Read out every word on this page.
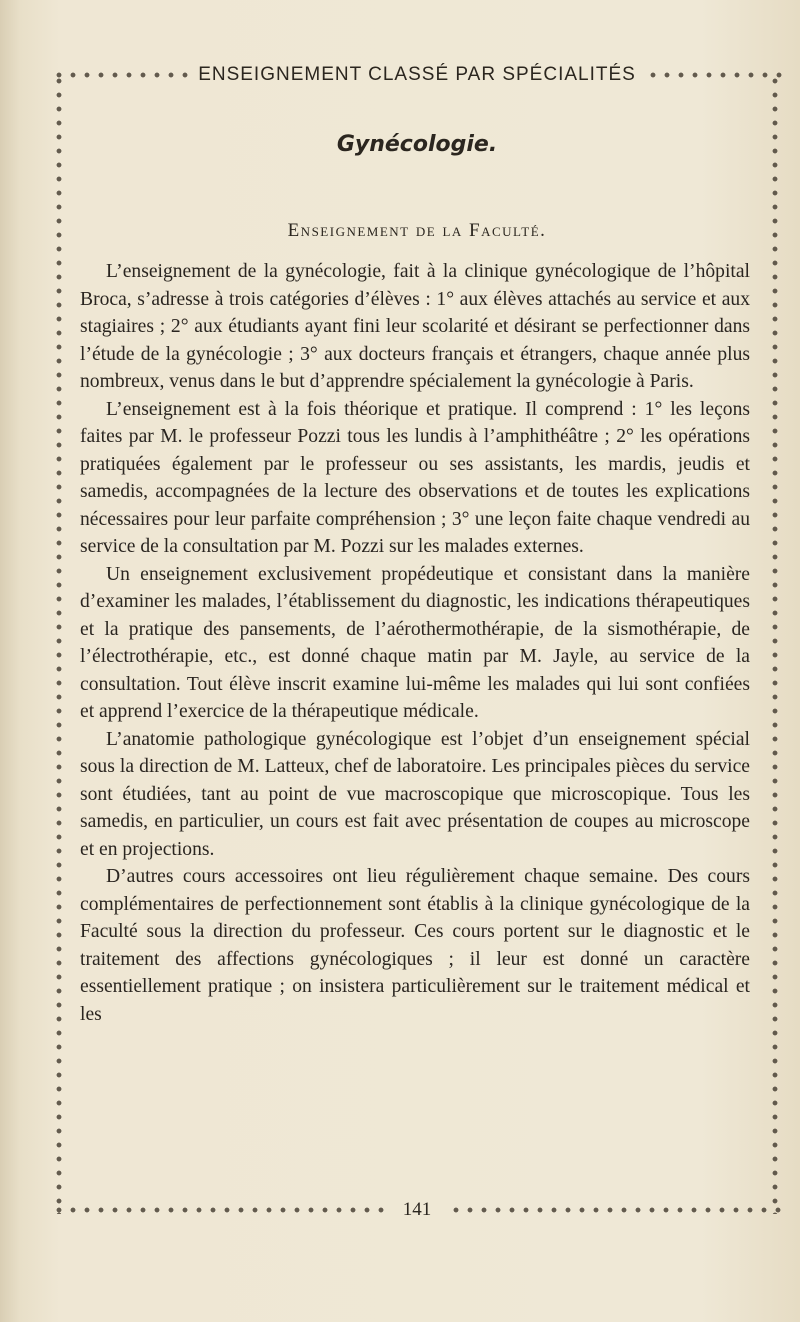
ENSEIGNEMENT CLASSÉ PAR SPÉCIALITÉS
Gynécologie.
Enseignement de la Faculté.

L’enseignement de la gynécologie, fait à la clinique gynécologique de l’hôpital Broca, s’adresse à trois catégories d’élèves : 1° aux élèves attachés au service et aux stagiaires ; 2° aux étudiants ayant fini leur scolarité et désirant se perfectionner dans l’étude de la gynécologie ; 3° aux docteurs français et étrangers, chaque année plus nombreux, venus dans le but d’apprendre spécialement la gynécologie à Paris.

L’enseignement est à la fois théorique et pratique. Il comprend : 1° les leçons faites par M. le professeur Pozzi tous les lundis à l’amphithéâtre ; 2° les opérations pratiquées également par le professeur ou ses assistants, les mardis, jeudis et samedis, accompagnées de la lecture des observations et de toutes les explications nécessaires pour leur parfaite compréhension ; 3° une leçon faite chaque vendredi au service de la consultation par M. Pozzi sur les malades externes.

Un enseignement exclusivement propédeutique et consistant dans la manière d’examiner les malades, l’établissement du diagnostic, les indications thérapeutiques et la pratique des pansements, de l’aérothermothérapie, de la sismothérapie, de l’électrothérapie, etc., est donné chaque matin par M. Jayle, au service de la consultation. Tout élève inscrit examine lui-même les malades qui lui sont confiées et apprend l’exercice de la thérapeutique médicale.

L’anatomie pathologique gynécologique est l’objet d’un enseignement spécial sous la direction de M. Latteux, chef de laboratoire. Les principales pièces du service sont étudiées, tant au point de vue macroscopique que microscopique. Tous les samedis, en particulier, un cours est fait avec présentation de coupes au microscope et en projections.

D’autres cours accessoires ont lieu régulièrement chaque semaine. Des cours complémentaires de perfectionnement sont établis à la clinique gynécologique de la Faculté sous la direction du professeur. Ces cours portent sur le diagnostic et le traitement des affections gynécologiques ; il leur est donné un caractère essentiellement pratique ; on insistera particulièrement sur le traitement médical et les

141
